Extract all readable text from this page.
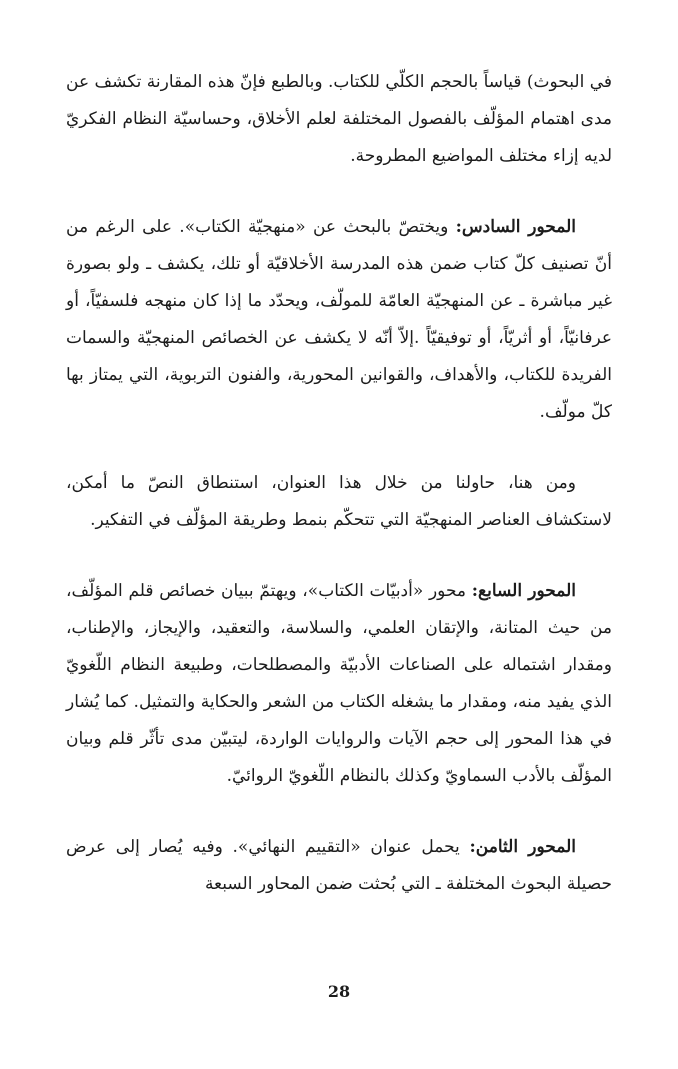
في البحوث) قياساً بالحجم الكلّي للكتاب. وبالطبع فإنّ هذه المقارنة تكشف عن مدى اهتمام المؤلّف بالفصول المختلفة لعلم الأخلاق، وحساسيّة النظام الفكريّ لديه إزاء مختلف المواضيع المطروحة.

المحور السادس: ويختصّ بالبحث عن «منهجيّة الكتاب». على الرغم من أنّ تصنيف كلّ كتاب ضمن هذه المدرسة الأخلاقيّة أو تلك، يكشف ـ ولو بصورة غير مباشرة ـ عن المنهجيّة العامّة للمولّف، ويحدّد ما إذا كان منهجه فلسفيّاً، أو عرفانيّاً، أو أثريّاً، أو توفيقيّاً .إلاّ أنّه لا يكشف عن الخصائص المنهجيّة والسمات الفريدة للكتاب، والأهداف، والقوانين المحورية، والفنون التربوية، التي يمتاز بها كلّ مولّف.

ومن هنا، حاولنا من خلال هذا العنوان، استنطاق النصّ ما أمكن، لاستكشاف العناصر المنهجيّة التي تتحكّم بنمط وطريقة المؤلّف في التفكير.

المحور السابع: محور «أدبيّات الكتاب»، ويهتمّ ببيان خصائص قلم المؤلّف، من حيث المتانة، والإتقان العلمي، والسلاسة، والتعقيد، والإيجاز، والإطناب، ومقدار اشتماله على الصناعات الأدبيّة والمصطلحات، وطبيعة النظام اللّغويّ الذي يفيد منه، ومقدار ما يشغله الكتاب من الشعر والحكاية والتمثيل. كما يُشار في هذا المحور إلى حجم الآيات والروايات الواردة، ليتبيّن مدى تأثّر قلم وبيان المؤلّف بالأدب السماويّ وكذلك بالنظام اللّغويّ الروائيّ.

المحور الثامن: يحمل عنوان «التقييم النهائي». وفيه يُصار إلى عرض حصيلة البحوث المختلفة ـ التي بُحثت ضمن المحاور السبعة

28
